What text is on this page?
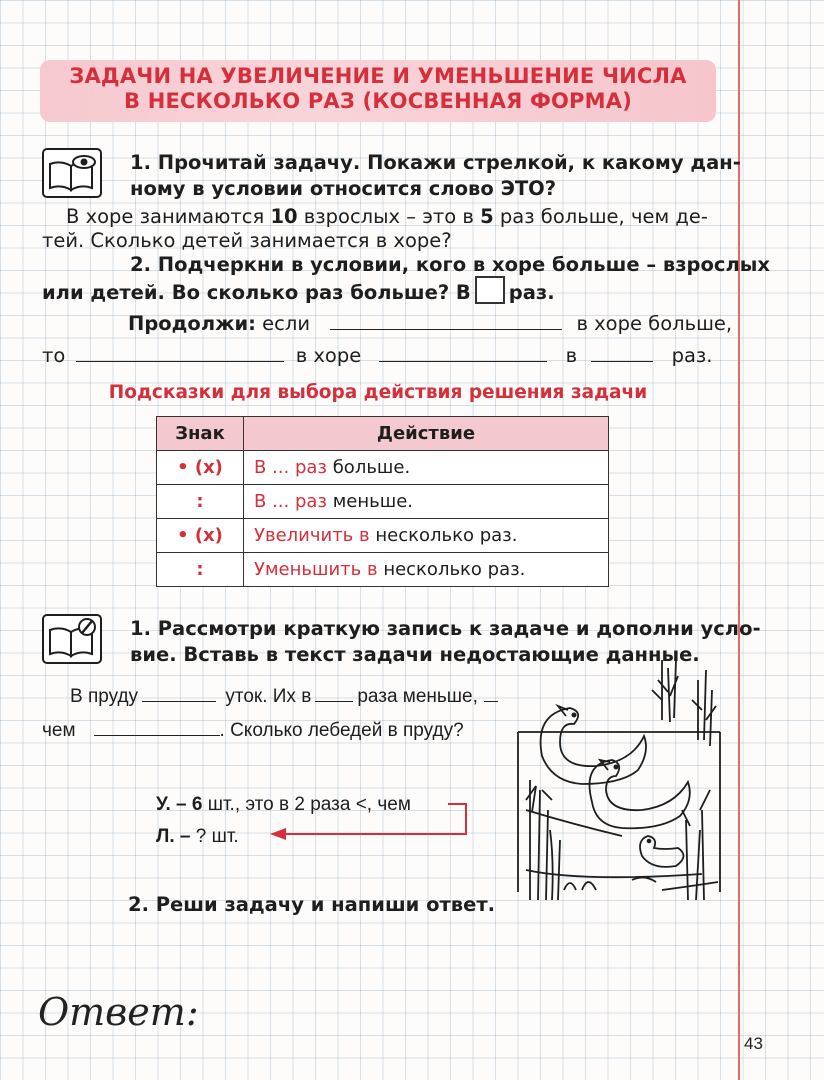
ЗАДАЧИ НА УВЕЛИЧЕНИЕ И УМЕНЬШЕНИЕ ЧИСЛА
В НЕСКОЛЬКО РАЗ (КОСВЕННАЯ ФОРМА)
1. Прочитай задачу. Покажи стрелкой, к какому дан-
ному в условии относится слово ЭТО?
В хоре занимаются 10 взрослых – это в 5 раз больше, чем де-
тей. Сколько детей занимается в хоре?
2. Подчеркни в условии, кого в хоре больше – взрослых
или детей. Во сколько раз больше? В раз.
Продолжи: если	в хоре больше,
то	в хоре	в	раз.
Подсказки для выбора действия решения задачи
Знак	Действие
• (x)	В ... раз больше.
:	В ... раз меньше.
• (x)	Увеличить в несколько раз.
:	Уменьшить в несколько раз.
1. Рассмотри краткую запись к задаче и дополни усло-
вие. Вставь в текст задачи недостающие данные.
В пруду	уток. Их в раза меньше,
чем	. Сколько лебедей в пруду?
У. – 6 шт., это в 2 раза <, чем
Л. – ? шт.
2. Реши задачу и напиши ответ.
Ответ:
43
